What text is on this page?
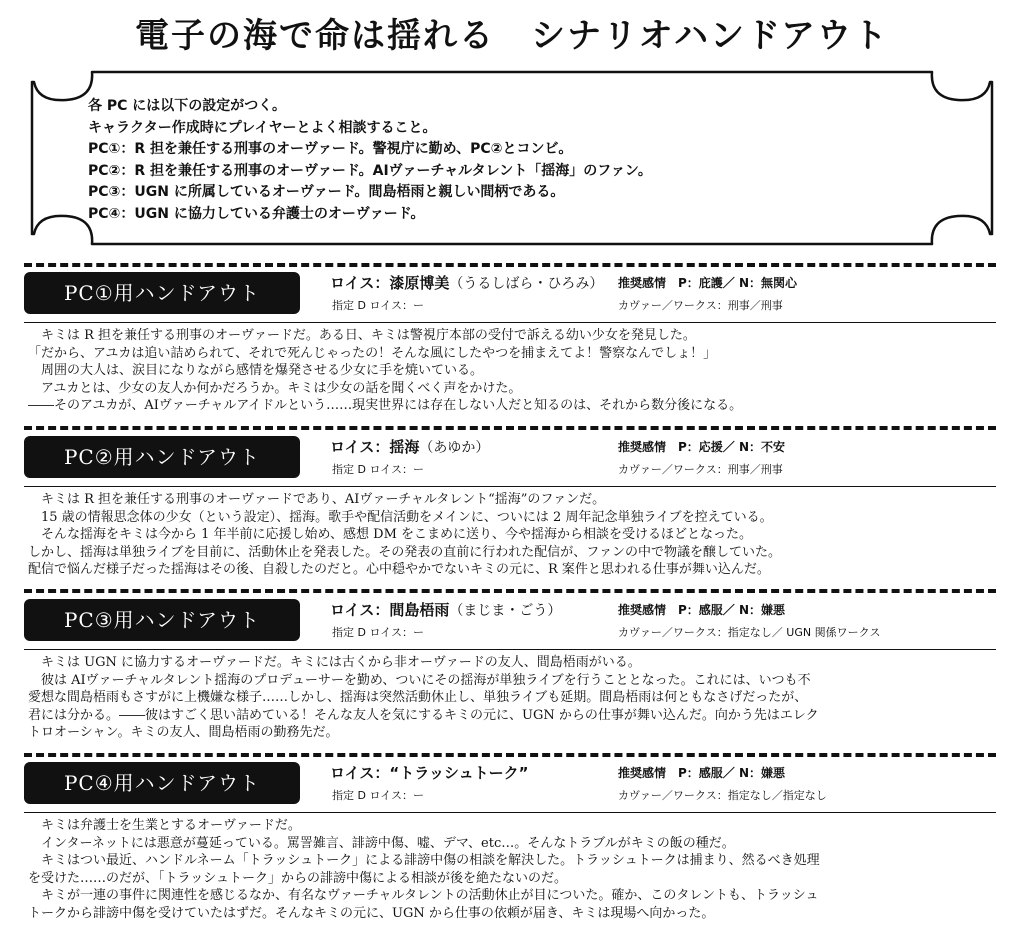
電子の海で命は揺れる　シナリオハンドアウト
各 PC には以下の設定がつく。
キャラクター作成時にプレイヤーとよく相談すること。
PC①：R 担を兼任する刑事のオーヴァード。警視庁に勤め、PC②とコンビ。
PC②：R 担を兼任する刑事のオーヴァード。AIヴァーチャルタレント「揺海」のファン。
PC③：UGN に所属しているオーヴァード。間島梧雨と親しい間柄である。
PC④：UGN に協力している弁護士のオーヴァード。
PC①用ハンドアウト	ロイス：漆原博美（うるしばら・ひろみ） 推奨感情　P：庇護／ N：無関心
指定 D ロイス：ー	カヴァー／ワークス：刑事／刑事
　キミは R 担を兼任する刑事のオーヴァードだ。ある日、キミは警視庁本部の受付で訴える幼い少女を発見した。
「だから、アユカは追い詰められて、それで死んじゃったの！そんな風にしたやつを捕まえてよ！警察なんでしょ！」
　周囲の大人は、涙目になりながら感情を爆発させる少女に手を焼いている。
　アユカとは、少女の友人か何かだろうか。キミは少女の話を聞くべく声をかけた。
――そのアユカが、AIヴァーチャルアイドルという……現実世界には存在しない人だと知るのは、それから数分後になる。
PC②用ハンドアウト	ロイス：揺海（あゆか）	推奨感情　P：応援／ N：不安
指定 D ロイス：ー	カヴァー／ワークス：刑事／刑事
　キミは R 担を兼任する刑事のオーヴァードであり、AIヴァーチャルタレント“揺海”のファンだ。
　15 歳の情報思念体の少女（という設定）、揺海。歌手や配信活動をメインに、ついには 2 周年記念単独ライブを控えている。
　そんな揺海をキミは今から 1 年半前に応援し始め、感想 DM をこまめに送り、今や揺海から相談を受けるほどとなった。
しかし、揺海は単独ライブを目前に、活動休止を発表した。その発表の直前に行われた配信が、ファンの中で物議を醸していた。
配信で悩んだ様子だった揺海はその後、自殺したのだと。心中穏やかでないキミの元に、R 案件と思われる仕事が舞い込んだ。
PC③用ハンドアウト	ロイス：間島梧雨（まじま・ごう）	推奨感情　P：感服／ N：嫌悪
指定 D ロイス：ー	カヴァー／ワークス：指定なし／ UGN 関係ワークス
　キミは UGN に協力するオーヴァードだ。キミには古くから非オーヴァードの友人、間島梧雨がいる。
　彼は AIヴァーチャルタレント揺海のプロデューサーを勤め、ついにその揺海が単独ライブを行うこととなった。これには、いつも不
愛想な間島梧雨もさすがに上機嫌な様子……しかし、揺海は突然活動休止し、単独ライブも延期。間島梧雨は何ともなさげだったが、
君には分かる。――彼はすごく思い詰めている！そんな友人を気にするキミの元に、UGN からの仕事が舞い込んだ。向かう先はエレク
トロオーシャン。キミの友人、間島梧雨の勤務先だ。
PC④用ハンドアウト	ロイス：“トラッシュトーク”	推奨感情　P：感服／ N：嫌悪
指定 D ロイス：ー	カヴァー／ワークス：指定なし／指定なし
　キミは弁護士を生業とするオーヴァードだ。
　インターネットには悪意が蔓延っている。罵詈雑言、誹謗中傷、嘘、デマ、etc…。そんなトラブルがキミの飯の種だ。
　キミはつい最近、ハンドルネーム「トラッシュトーク」による誹謗中傷の相談を解決した。トラッシュトークは捕まり、然るべき処理
を受けた……のだが、「トラッシュトーク」からの誹謗中傷による相談が後を絶たないのだ。
　キミが一連の事件に関連性を感じるなか、有名なヴァーチャルタレントの活動休止が目についた。確か、このタレントも、トラッシュ
トークから誹謗中傷を受けていたはずだ。そんなキミの元に、UGN から仕事の依頼が届き、キミは現場へ向かった。
